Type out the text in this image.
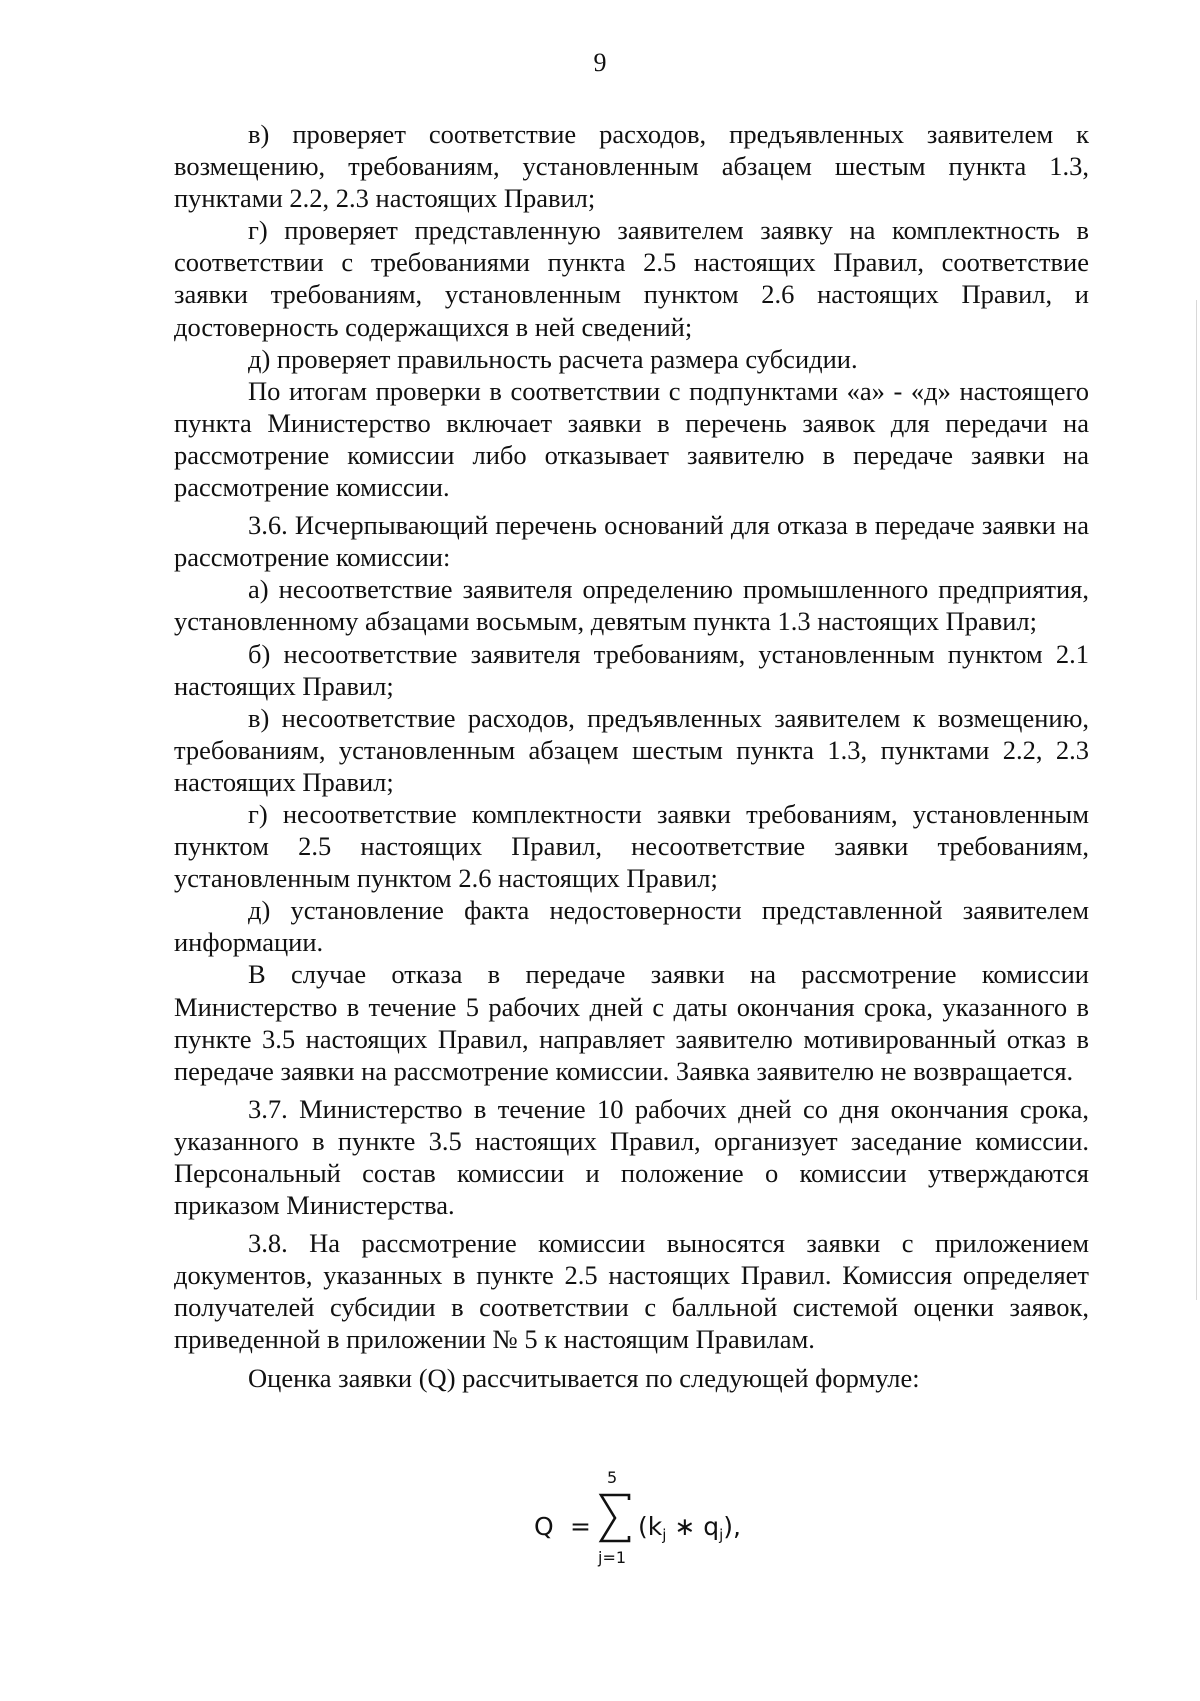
9

в) проверяет соответствие расходов, предъявленных заявителем к возмещению, требованиям, установленным абзацем шестым пункта 1.3, пунктами 2.2, 2.3 настоящих Правил;

г) проверяет представленную заявителем заявку на комплектность в соответствии с требованиями пункта 2.5 настоящих Правил, соответствие заявки требованиям, установленным пунктом 2.6 настоящих Правил, и достоверность содержащихся в ней сведений;

д) проверяет правильность расчета размера субсидии.

По итогам проверки в соответствии с подпунктами «а» - «д» настоящего пункта Министерство включает заявки в перечень заявок для передачи на рассмотрение комиссии либо отказывает заявителю в передаче заявки на рассмотрение комиссии.

3.6. Исчерпывающий перечень оснований для отказа в передаче заявки на рассмотрение комиссии:

а) несоответствие заявителя определению промышленного предприятия, установленному абзацами восьмым, девятым пункта 1.3 настоящих Правил;

б) несоответствие заявителя требованиям, установленным пунктом 2.1 настоящих Правил;

в) несоответствие расходов, предъявленных заявителем к возмещению, требованиям, установленным абзацем шестым пункта 1.3, пунктами 2.2, 2.3 настоящих Правил;

г) несоответствие комплектности заявки требованиям, установленным пунктом 2.5 настоящих Правил, несоответствие заявки требованиям, установленным пунктом 2.6 настоящих Правил;

д) установление факта недостоверности представленной заявителем информации.

В случае отказа в передаче заявки на рассмотрение комиссии Министерство в течение 5 рабочих дней с даты окончания срока, указанного в пункте 3.5 настоящих Правил, направляет заявителю мотивированный отказ в передаче заявки на рассмотрение комиссии. Заявка заявителю не возвращается.

3.7. Министерство в течение 10 рабочих дней со дня окончания срока, указанного в пункте 3.5 настоящих Правил, организует заседание комиссии. Персональный состав комиссии и положение о комиссии утверждаются приказом Министерства.

3.8. На рассмотрение комиссии выносятся заявки с приложением документов, указанных в пункте 2.5 настоящих Правил. Комиссия определяет получателей субсидии в соответствии с балльной системой оценки заявок, приведенной в приложении № 5 к настоящим Правилам.

Оценка заявки (Q) рассчитывается по следующей формуле:

Q =
5
j=1
($k_j$ ∗ $q_j$),
